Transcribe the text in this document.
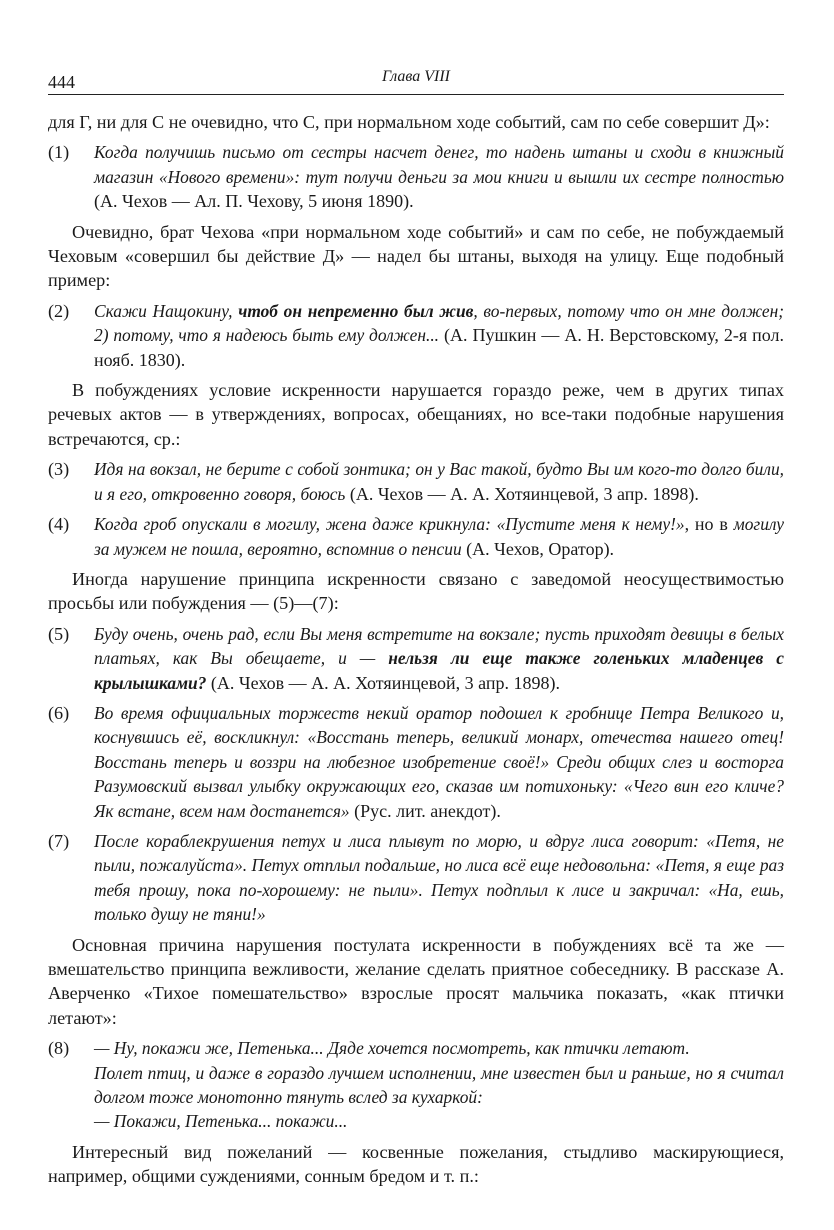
444	Глава VIII

для Г, ни для С не очевидно, что С, при нормальном ходе событий, сам по себе совершит Д»:

(1)	Когда получишь письмо от сестры насчет денег, то надень штаны и сходи в книжный магазин «Нового времени»: тут получи деньги за мои книги и вышли их сестре полностью (А. Чехов — Ал. П. Чехову, 5 июня 1890).

Очевидно, брат Чехова «при нормальном ходе событий» и сам по себе, не побуждаемый Чеховым «совершил бы действие Д» — надел бы штаны, выходя на улицу. Еще подобный пример:

(2)	Скажи Нащокину, чтоб он непременно был жив, во-первых, потому что он мне должен; 2) потому, что я надеюсь быть ему должен... (А. Пушкин — А. Н. Верстовскому, 2-я пол. нояб. 1830).

В побуждениях условие искренности нарушается гораздо реже, чем в других типах речевых актов — в утверждениях, вопросах, обещаниях, но все-таки подобные нарушения встречаются, ср.:

(3)	Идя на вокзал, не берите с собой зонтика; он у Вас такой, будто Вы им кого-то долго били, и я его, откровенно говоря, боюсь (А. Чехов — А. А. Хотяинцевой, 3 апр. 1898).
(4)	Когда гроб опускали в могилу, жена даже крикнула: «Пустите меня к нему!», но в могилу за мужем не пошла, вероятно, вспомнив о пенсии (А. Чехов, Оратор).

Иногда нарушение принципа искренности связано с заведомой неосуществимостью просьбы или побуждения — (5)—(7):

(5)	Буду очень, очень рад, если Вы меня встретите на вокзале; пусть приходят девицы в белых платьях, как Вы обещаете, и — нельзя ли еще также голеньких младенцев с крылышками? (А. Чехов — А. А. Хотяинцевой, 3 апр. 1898).
(6)	Во время официальных торжеств некий оратор подошел к гробнице Петра Великого и, коснувшись её, воскликнул: «Восстань теперь, великий монарх, отечества нашего отец! Восстань теперь и воззри на любезное изобретение своё!» Среди общих слез и восторга Разумовский вызвал улыбку окружающих его, сказав им потихоньку: «Чего вин его кличе? Як встане, всем нам достанется» (Рус. лит. анекдот).
(7)	После кораблекрушения петух и лиса плывут по морю, и вдруг лиса говорит: «Петя, не пыли, пожалуйста». Петух отплыл подальше, но лиса всё еще недовольна: «Петя, я еще раз тебя прошу, пока по-хорошему: не пыли». Петух подплыл к лисе и закричал: «На, ешь, только душу не тяни!»

Основная причина нарушения постулата искренности в побуждениях всё та же — вмешательство принципа вежливости, желание сделать приятное собеседнику. В рассказе А. Аверченко «Тихое помешательство» взрослые просят мальчика показать, «как птички летают»:

(8)	— Ну, покажи же, Петенька... Дяде хочется посмотреть, как птички летают.
Полет птиц, и даже в гораздо лучшем исполнении, мне известен был и раньше, но я считал долгом тоже монотонно тянуть вслед за кухаркой:
— Покажи, Петенька... покажи...

Интересный вид пожеланий — косвенные пожелания, стыдливо маскирующиеся, например, общими суждениями, сонным бредом и т. п.:
